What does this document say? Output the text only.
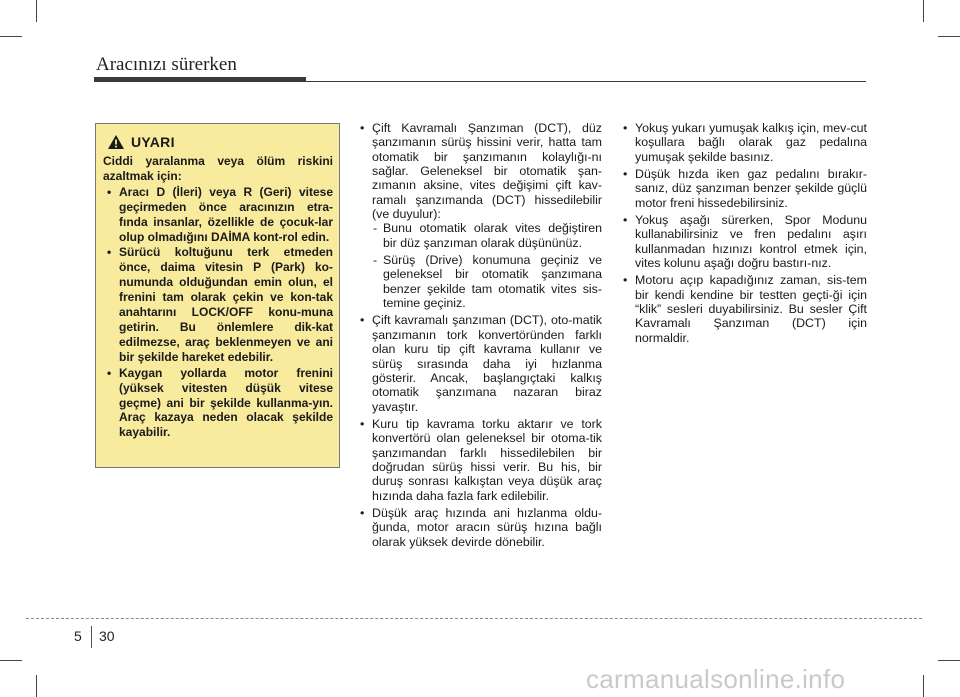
Aracınızı sürerken
UYARI
Ciddi yaralanma veya ölüm riskini azaltmak için:
• Aracı D (İleri) veya R (Geri) vitese geçirmeden önce aracınızın etra-fında insanlar, özellikle de çocuk-lar olup olmadığını DAİMA kont-rol edin.
• Sürücü koltuğunu terk etmeden önce, daima vitesin P (Park) ko-numunda olduğundan emin olun, el frenini tam olarak çekin ve kon-tak anahtarını LOCK/OFF konu-muna getirin. Bu önlemlere dik-kat edilmezse, araç beklenmeyen ve ani bir şekilde hareket edebilir.
• Kaygan yollarda motor frenini (yüksek vitesten düşük vitese geçme) ani bir şekilde kullanma-yın. Araç kazaya neden olacak şekilde kayabilir.
• Çift Kavramalı Şanzıman (DCT), düz şanzımanın sürüş hissini verir, hatta tam otomatik bir şanzımanın kolaylığı-nı sağlar. Geleneksel bir otomatik şan-zımanın aksine, vites değişimi çift kav-ramalı şanzımanda (DCT) hissedilebilir (ve duyulur):
- Bunu otomatik olarak vites değiştiren bir düz şanzıman olarak düşününüz.
- Sürüş (Drive) konumuna geçiniz ve geleneksel bir otomatik şanzımana benzer şekilde tam otomatik vites sis-temine geçiniz.
• Çift kavramalı şanzıman (DCT), oto-matik şanzımanın tork konvertöründen farklı olan kuru tip çift kavrama kullanır ve sürüş sırasında daha iyi hızlanma gösterir. Ancak, başlangıçtaki kalkış otomatik şanzımana nazaran biraz yavaştır.
• Kuru tip kavrama torku aktarır ve tork konvertörü olan geleneksel bir otoma-tik şanzımandan farklı hissedilebilen bir doğrudan sürüş hissi verir. Bu his, bir duruş sonrası kalkıştan veya düşük araç hızında daha fazla fark edilebilir.
• Düşük araç hızında ani hızlanma oldu-ğunda, motor aracın sürüş hızına bağlı olarak yüksek devirde dönebilir.
• Yokuş yukarı yumuşak kalkış için, mev-cut koşullara bağlı olarak gaz pedalına yumuşak şekilde basınız.
• Düşük hızda iken gaz pedalını bırakır-sanız, düz şanzıman benzer şekilde güçlü motor freni hissedebilirsiniz.
• Yokuş aşağı sürerken, Spor Modunu kullanabilirsiniz ve fren pedalını aşırı kullanmadan hızınızı kontrol etmek için, vites kolunu aşağı doğru bastırı-nız.
• Motoru açıp kapadığınız zaman, sis-tem bir kendi kendine bir testten geçti-ği için “klik” sesleri duyabilirsiniz. Bu sesler Çift Kavramalı Şanzıman (DCT) için normaldir.
5 30
carmanualsonline.info
